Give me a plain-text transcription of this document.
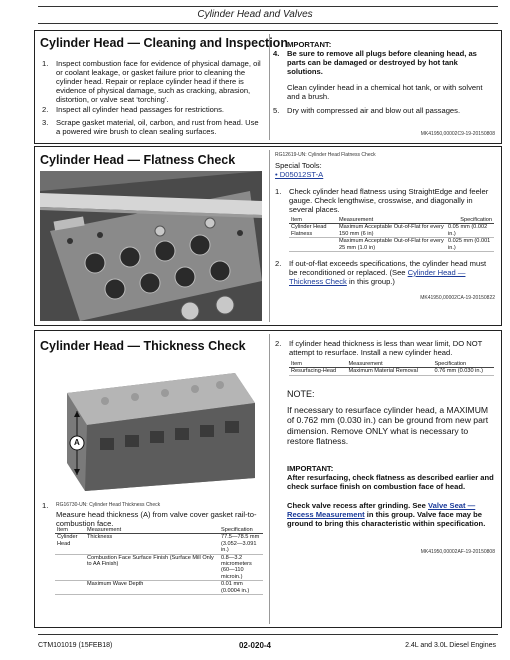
Cylinder Head and Valves
Cylinder Head — Cleaning and Inspection
1. Inspect combustion face for evidence of physical damage, oil or coolant leakage, or gasket failure prior to cleaning the cylinder head. Repair or replace cylinder head if there is evidence of physical damage, such as cracking, abrasion, distortion, or valve seat ‘torching’.
2. Inspect all cylinder head passages for restrictions.
3. Scrape gasket material, oil, carbon, and rust from head. Use a powered wire brush to clean sealing surfaces.
IMPORTANT:
4. Be sure to remove all plugs before cleaning head, as parts can be damaged or destroyed by hot tank solutions.
Clean cylinder head in a chemical hot tank, or with solvent and a brush.
5. Dry with compressed air and blow out all passages.
MK41950,00002C9-19-20150808
Cylinder Head — Flatness Check	RG12619-UN: Cylinder Head Flatness Check
Special Tools:
• D05012ST-A
1. Check cylinder head flatness using StraightEdge and feeler gauge. Check lengthwise, crosswise, and diagonally in several places.
Item	Measurement	Specification
Cylinder Head Flatness	Maximum Acceptable Out-of-Flat for every 150 mm (6 in)	0.05 mm (0.002 in.)
	Maximum Acceptable Out-of-Flat for every 25 mm (1.0 in)	0.025 mm (0.001 in.)
2. If out-of-flat exceeds specifications, the cylinder head must be reconditioned or replaced. (See Cylinder Head — Thickness Check in this group.)
MK41950,00002CA-19-20150822
Cylinder Head — Thickness Check
A
1. RG16730-UN: Cylinder Head Thickness Check
Measure head thickness (A) from valve cover gasket rail-to-combustion face.
Item	Measurement	Specification
Cylinder Head	Thickness	77.5—78.5 mm (3.052—3.091 in.)
	Combustion Face Surface Finish (Surface Mill Only to AA Finish)	0.8—3.2 micrometers (60—110 microin.)
	Maximum Wave Depth	0.01 mm (0.0004 in.)
2. If cylinder head thickness is less than wear limit, DO NOT attempt to resurface. Install a new cylinder head.
Item	Measurement	Specification
Resurfacing-Head	Maximum Material Removal	0.76 mm (0.030 in.)
NOTE:
If necessary to resurface cylinder head, a MAXIMUM of 0.762 mm (0.030 in.) can be ground from new part dimension. Remove ONLY what is necessary to restore flatness.
IMPORTANT:
After resurfacing, check flatness as described earlier and check surface finish on combustion face of head.
Check valve recess after grinding. See Valve Seat — Recess Measurement in this group. Valve face may be ground to bring this characteristic within specification.
MK41950,00002AF-19-20150808
CTM101019 (15FEB18)	02-020-4	2.4L and 3.0L Diesel Engines
